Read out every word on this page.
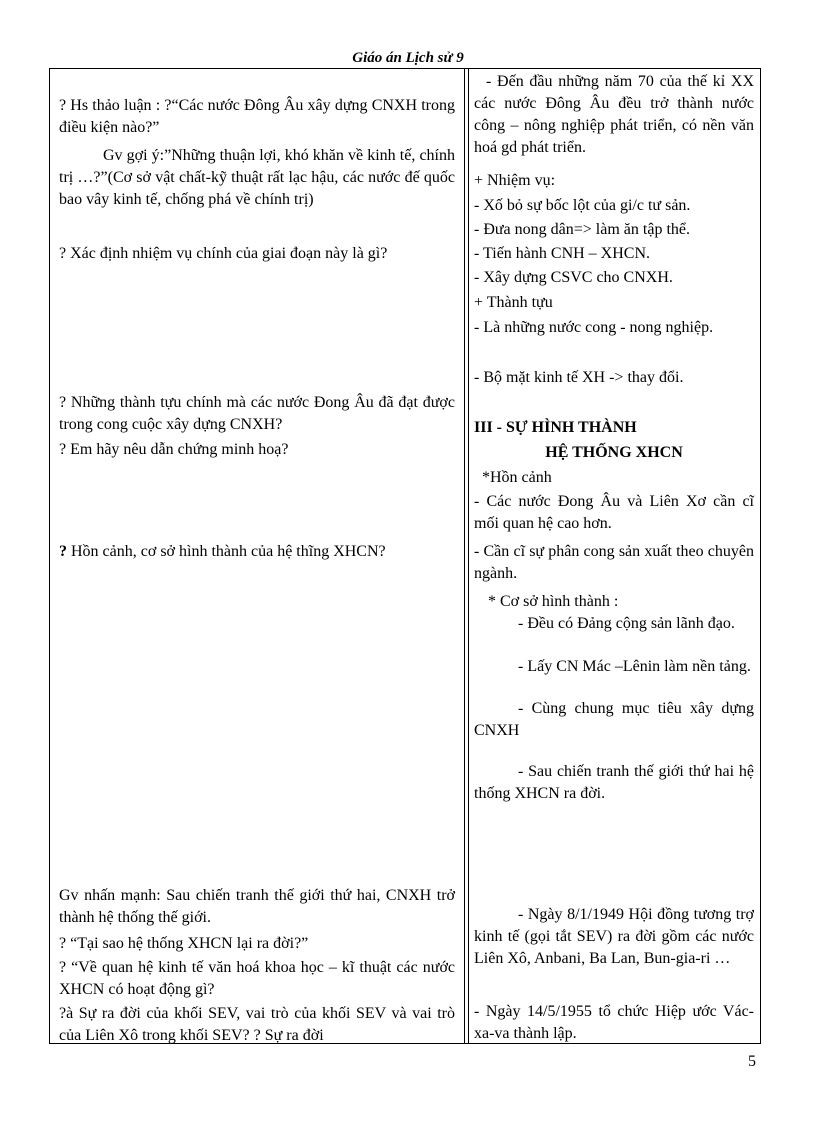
Giáo án Lịch sử 9
? Hs thảo luận : ?“Các nước Đông Âu xây dựng CNXH trong điều kiện nào?”
Gv gợi ý:”Những thuận lợi, khó khăn về kinh tế, chính trị …?”(Cơ sở vật chất-kỹ thuật rất lạc hậu, các nước đế quốc bao vây kinh tế, chống phá về chính trị)
? Xác định nhiệm vụ chính của giai đoạn này là gì?
? Những thành tựu chính mà các nước Đong Âu đã đạt được trong cong cuộc xây dựng CNXH?
? Em hãy nêu dẫn chứng minh hoạ?
? Hồn cảnh, cơ sở hình thành của hệ thĩng XHCN?
Gv nhấn mạnh: Sau chiến tranh thế giới thứ hai, CNXH trở thành hệ thống thế giới.
? “Tại sao hệ thống XHCN lại ra đời?”
? “Về quan hệ kinh tế văn hoá khoa học – kĩ thuật các nước XHCN có hoạt động gì?
?à Sự ra đời của khối SEV, vai trò của khối SEV và vai trò của Liên Xô trong khối SEV? ? Sự ra đời
- Đến đầu những năm 70 của thế kỉ XX các nước Đông Âu đều trở thành nước công – nông nghiệp phát triển, có nền văn hoá gd phát triển.
+ Nhiệm vụ:
- Xố bỏ sự bốc lột của gi/c tư sản.
- Đưa nong dân=> làm ăn tập thể.
- Tiến hành CNH – XHCN.
- Xây dựng CSVC cho CNXH.
+ Thành tựu
- Là những nước cong - nong nghiệp.
- Bộ mặt kinh tế XH -> thay đổi.
III - SỰ HÌNH THÀNH
HỆ THỐNG XHCN
*Hồn cảnh
- Các nước Đong Âu và Liên Xơ cần cĩ mối quan hệ cao hơn.
- Cần cĩ sự phân cong sản xuất theo chuyên ngành.
* Cơ sở hình thành :
- Đều có Đảng cộng sản lãnh đạo.
- Lấy CN Mác –Lênin làm nền tảng.
- Cùng chung mục tiêu xây dựng CNXH
- Sau chiến tranh thế giới thứ hai hệ thống XHCN ra đời.
- Ngày 8/1/1949 Hội đồng tương trợ kinh tế (gọi tắt SEV) ra đời gồm các nước Liên Xô, Anbani, Ba Lan, Bun-gia-ri …
- Ngày 14/5/1955 tổ chức Hiệp ước Vác-xa-va thành lập.
5
